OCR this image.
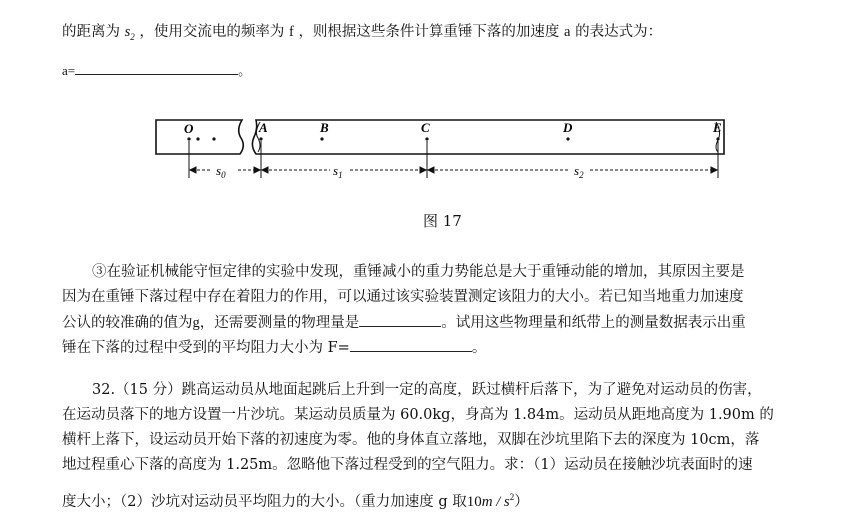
的距离为 $s_2$ ，使用交流电的频率为 f ，则根据这些条件计算重锤下落的加速度 a 的表达式为：
a=	。
O	A	B	C	D	E
$s_0$	$s_1$	$s_2$
图 17
③在验证机械能守恒定律的实验中发现，重锤减小的重力势能总是大于重锤动能的增加，其原因主要是
因为在重锤下落过程中存在着阻力的作用，可以通过该实验装置测定该阻力的大小。若已知当地重力加速度
公认的较准确的值为g，还需要测量的物理量是	。试用这些物理量和纸带上的测量数据表示出重
锤在下落的过程中受到的平均阻力大小为 F=	。
32.（15 分）跳高运动员从地面起跳后上升到一定的高度，跃过横杆后落下，为了避免对运动员的伤害，
在运动员落下的地方设置一片沙坑。某运动员质量为 60.0kg，身高为 1.84m。运动员从距地高度为 1.90m 的
横杆上落下，设运动员开始下落的初速度为零。他的身体直立落地，双脚在沙坑里陷下去的深度为 10cm，落
地过程重心下落的高度为 1.25m。忽略他下落过程受到的空气阻力。求：（1）运动员在接触沙坑表面时的速
度大小；（2）沙坑对运动员平均阻力的大小。（重力加速度 g 取$10m / s^2$）
